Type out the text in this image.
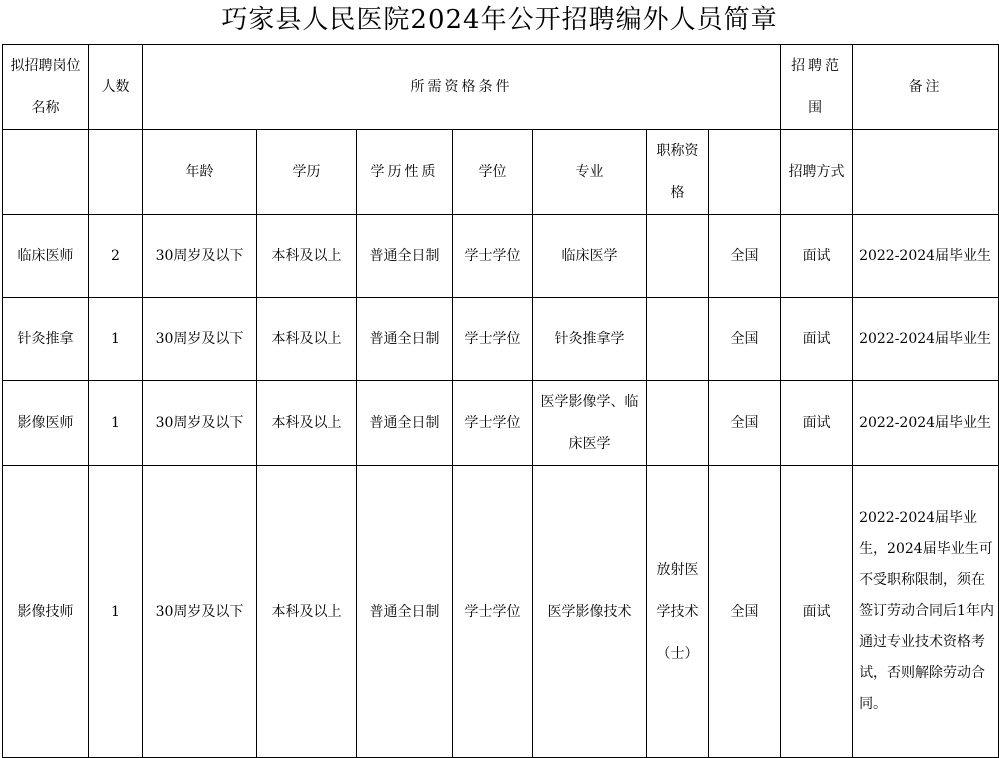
巧家县人民医院2024年公开招聘编外人员简章
拟招聘岗位名称	人数	所需资格条件							招聘范围	备注
		年龄	学历	学历性质	学位	专业	职称资格		招聘方式	
临床医师	2	30周岁及以下	本科及以上	普通全日制	学士学位	临床医学		全国	面试	2022-2024届毕业生
针灸推拿	1	30周岁及以下	本科及以上	普通全日制	学士学位	针灸推拿学		全国	面试	2022-2024届毕业生
影像医师	1	30周岁及以下	本科及以上	普通全日制	学士学位	医学影像学、临床医学		全国	面试	2022-2024届毕业生
影像技师	1	30周岁及以下	本科及以上	普通全日制	学士学位	医学影像技术	放射医学技术（士）	全国	面试	2022-2024届毕业生，2024届毕业生可不受职称限制，须在签订劳动合同后1年内通过专业技术资格考试，否则解除劳动合同。
